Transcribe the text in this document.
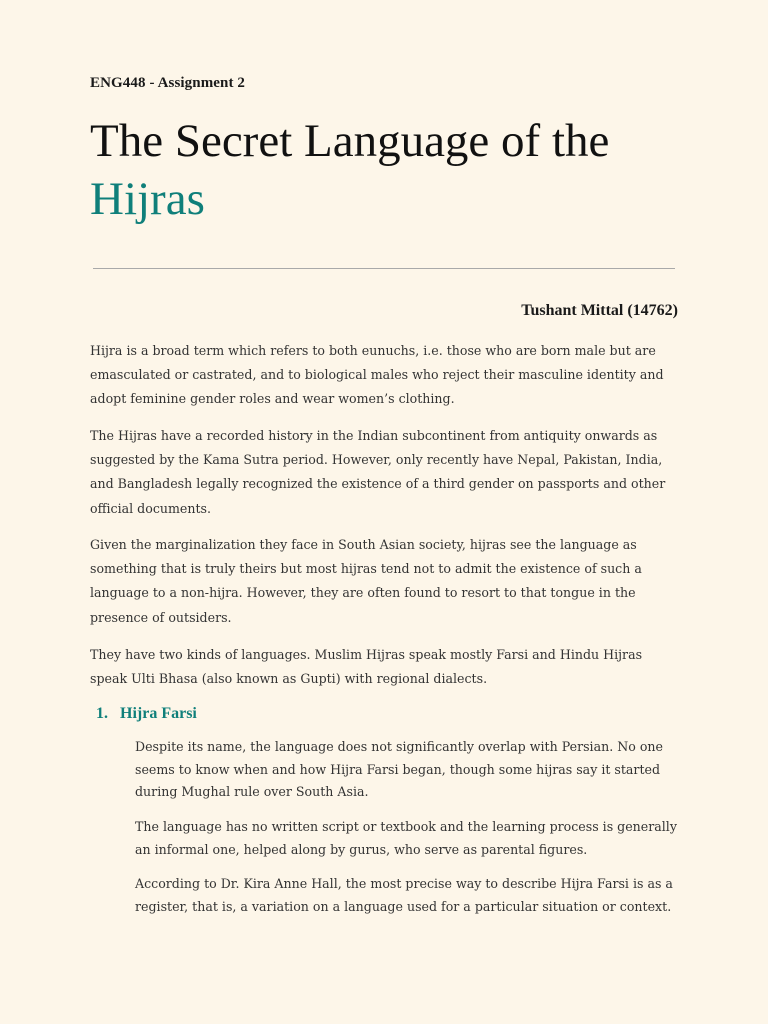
ENG448 - Assignment 2
The Secret Language of the
Hijras
Tushant Mittal (14762)

Hijra is a broad term which refers to both eunuchs, i.e. those who are born male but are emasculated or castrated, and to biological males who reject their masculine identity and adopt feminine gender roles and wear women’s clothing.

The Hijras have a recorded history in the Indian subcontinent from antiquity onwards as suggested by the Kama Sutra period. However, only recently have Nepal, Pakistan, India, and Bangladesh legally recognized the existence of a third gender on passports and other official documents.

Given the marginalization they face in South Asian society, hijras see the language as something that is truly theirs but most hijras tend not to admit the existence of such a language to a non-hijra. However, they are often found to resort to that tongue in the presence of outsiders.

They have two kinds of languages. Muslim Hijras speak mostly Farsi and Hindu Hijras speak Ulti Bhasa (also known as Gupti) with regional dialects.

1. Hijra Farsi

Despite its name, the language does not significantly overlap with Persian. No one seems to know when and how Hijra Farsi began, though some hijras say it started during Mughal rule over South Asia.

The language has no written script or textbook and the learning process is generally an informal one, helped along by gurus, who serve as parental figures.

According to Dr. Kira Anne Hall, the most precise way to describe Hijra Farsi is as a register, that is, a variation on a language used for a particular situation or context.
